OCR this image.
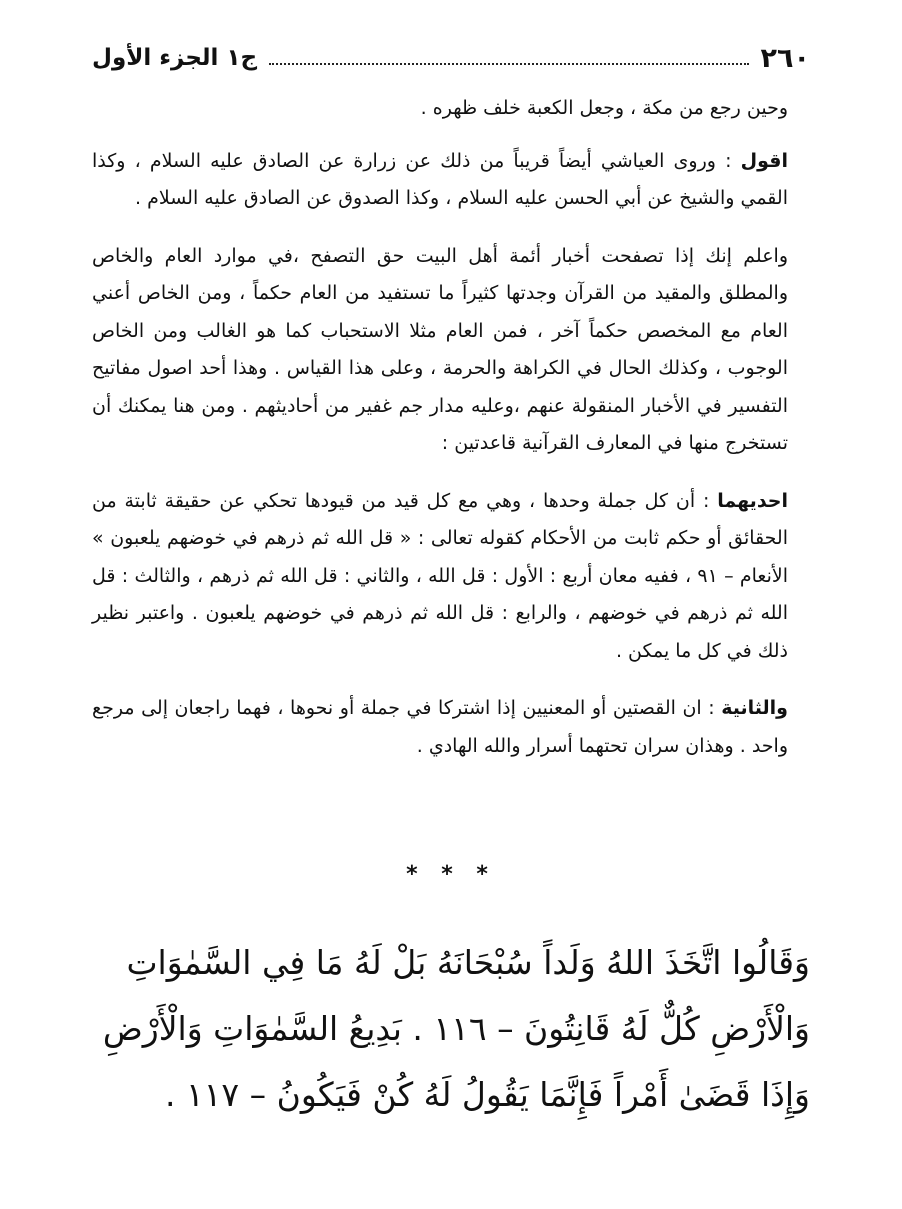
٢٦٠
ج١ الجزء الأول

وحين رجع من مكة ، وجعل الكعبة خلف ظهره .

اقول : وروى العياشي أيضاً قريباً من ذلك عن زرارة عن الصادق عليه السلام ، وكذا القمي والشيخ عن أبي الحسن عليه السلام ، وكذا الصدوق عن الصادق عليه السلام .

واعلم إنك إذا تصفحت أخبار أئمة أهل البيت حق التصفح ،في موارد العام والخاص والمطلق والمقيد من القرآن وجدتها كثيراً ما تستفيد من العام حكماً ، ومن الخاص أعني العام مع المخصص حكماً آخر ، فمن العام مثلا الاستحباب كما هو الغالب ومن الخاص الوجوب ، وكذلك الحال في الكراهة والحرمة ، وعلى هذا القياس . وهذا أحد اصول مفاتيح التفسير في الأخبار المنقولة عنهم ،وعليه مدار جم غفير من أحاديثهم . ومن هنا يمكنك أن تستخرج منها في المعارف القرآنية قاعدتين :

احديهما : أن كل جملة وحدها ، وهي مع كل قيد من قيودها تحكي عن حقيقة ثابتة من الحقائق أو حكم ثابت من الأحكام كقوله تعالى : « قل الله ثم ذرهم في خوضهم يلعبون » الأنعام – ٩١ ، ففيه معان أربع : الأول : قل الله ، والثاني : قل الله ثم ذرهم ، والثالث : قل الله ثم ذرهم في خوضهم ، والرابع : قل الله ثم ذرهم في خوضهم يلعبون . واعتبر نظير ذلك في كل ما يمكن .

والثانية : ان القصتين أو المعنيين إذا اشتركا في جملة أو نحوها ، فهما راجعان إلى مرجع واحد . وهذان سران تحتهما أسرار والله الهادي .

* * *
وَقَالُوا اتَّخَذَ اللهُ وَلَداً سُبْحَانَهُ بَلْ لَهُ مَا فِي السَّمٰوَاتِ
وَالْأَرْضِ كُلٌّ لَهُ قَانِتُونَ – ١١٦ . بَدِيعُ السَّمٰوَاتِ وَالْأَرْضِ
وَإِذَا قَضَىٰ أَمْراً فَإِنَّمَا يَقُولُ لَهُ كُنْ فَيَكُونُ – ١١٧ .
